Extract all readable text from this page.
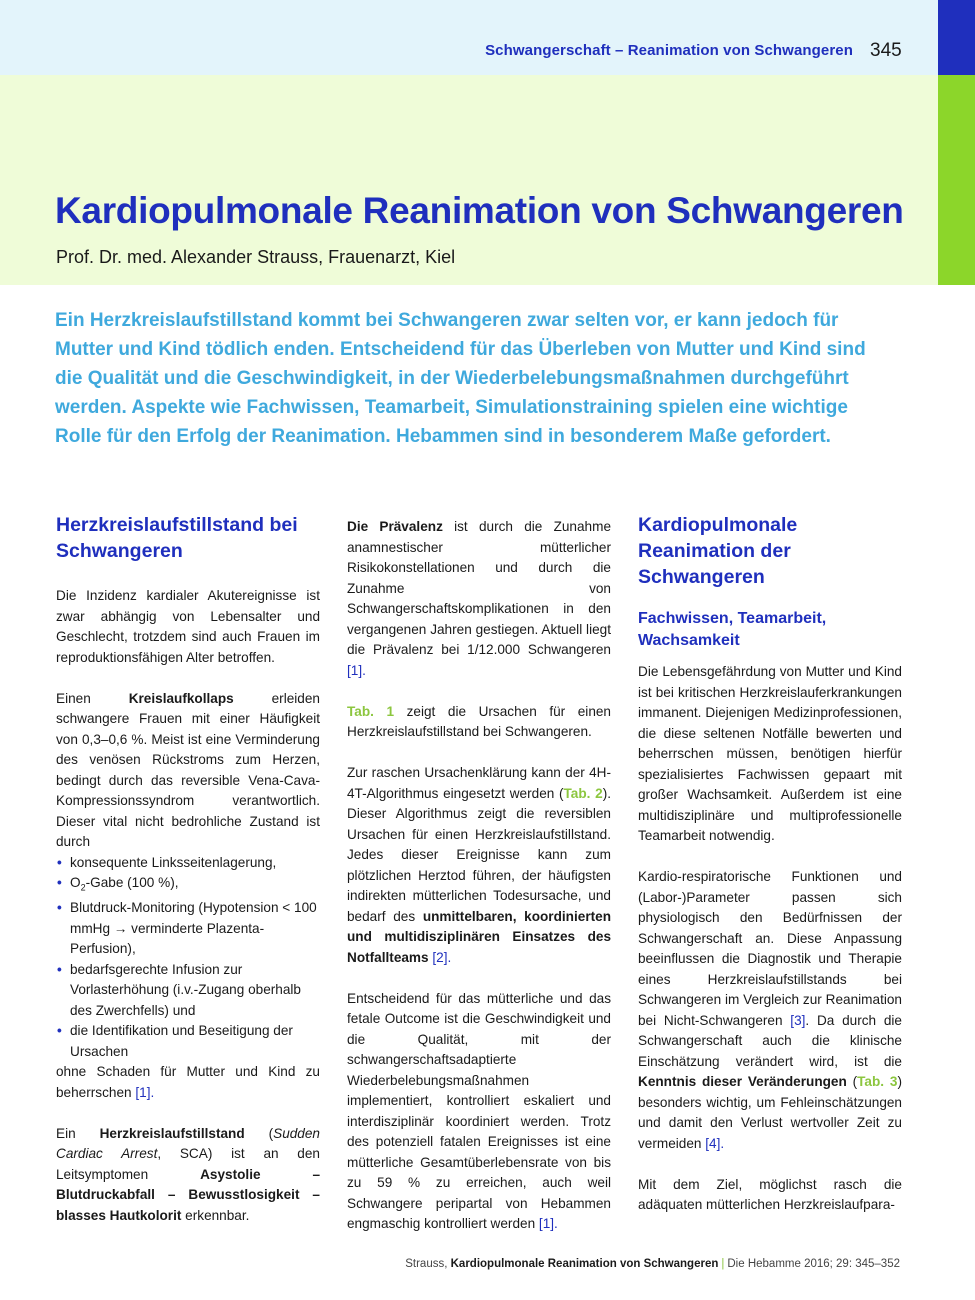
Schwangerschaft – Reanimation von Schwangeren 345
Kardiopulmonale Reanimation von Schwangeren
Prof. Dr. med. Alexander Strauss, Frauenarzt, Kiel

Ein Herzkreislaufstillstand kommt bei Schwangeren zwar selten vor, er kann jedoch für Mutter und Kind tödlich enden. Entscheidend für das Überleben von Mutter und Kind sind die Qualität und die Geschwindigkeit, in der Wiederbelebungsmaßnahmen durchgeführt werden. Aspekte wie Fachwissen, Teamarbeit, Simulationstraining spielen eine wichtige Rolle für den Erfolg der Reanimation. Hebammen sind in besonderem Maße gefordert.

Herzkreislaufstillstand bei Schwangeren

Die Inzidenz kardialer Akutereignisse ist zwar abhängig von Lebensalter und Geschlecht, trotzdem sind auch Frauen im reproduktionsfähigen Alter betroffen.

Einen Kreislaufkollaps erleiden schwangere Frauen mit einer Häufigkeit von 0,3–0,6 %. Meist ist eine Verminderung des venösen Rückstroms zum Herzen, bedingt durch das reversible Vena-Cava-Kompressionssyndrom verantwortlich. Dieser vital nicht bedrohliche Zustand ist durch

• konsequente Linksseitenlagerung,
• $O_2$-Gabe (100 %),
• Blutdruck-Monitoring (Hypotension < 100 mmHg → verminderte Plazenta-Perfusion),
• bedarfsgerechte Infusion zur Vorlasterhöhung (i.v.-Zugang oberhalb des Zwerchfells) und
• die Identifikation und Beseitigung der Ursachen

ohne Schaden für Mutter und Kind zu beherrschen [1].

Ein Herzkreislaufstillstand (Sudden Cardiac Arrest, SCA) ist an den Leitsymptomen Asystolie – Blutdruckabfall – Bewusstlosigkeit – blasses Hautkolorit erkennbar.

Die Prävalenz ist durch die Zunahme anamnestischer mütterlicher Risikokonstellationen und durch die Zunahme von Schwangerschaftskomplikationen in den vergangenen Jahren gestiegen. Aktuell liegt die Prävalenz bei 1/12.000 Schwangeren [1].

Tab. 1 zeigt die Ursachen für einen Herzkreislaufstillstand bei Schwangeren.

Zur raschen Ursachenklärung kann der 4H-4T-Algorithmus eingesetzt werden (Tab. 2). Dieser Algorithmus zeigt die reversiblen Ursachen für einen Herzkreislaufstillstand. Jedes dieser Ereignisse kann zum plötzlichen Herztod führen, der häufigsten indirekten mütterlichen Todesursache, und bedarf des unmittelbaren, koordinierten und multidisziplinären Einsatzes des Notfallteams [2].

Entscheidend für das mütterliche und das fetale Outcome ist die Geschwindigkeit und die Qualität, mit der schwangerschaftsadaptierte Wiederbelebungsmaßnahmen implementiert, kontrolliert eskaliert und interdisziplinär koordiniert werden. Trotz des potenziell fatalen Ereignisses ist eine mütterliche Gesamtüberlebensrate von bis zu 59 % zu erreichen, auch weil Schwangere peripartal von Hebammen engmaschig kontrolliert werden [1].

Kardiopulmonale Reanimation der Schwangeren
Fachwissen, Teamarbeit, Wachsamkeit

Die Lebensgefährdung von Mutter und Kind ist bei kritischen Herzkreislauferkrankungen immanent. Diejenigen Medizinprofessionen, die diese seltenen Notfälle bewerten und beherrschen müssen, benötigen hierfür spezialisiertes Fachwissen gepaart mit großer Wachsamkeit. Außerdem ist eine multidisziplinäre und multiprofessionelle Teamarbeit notwendig.

Kardio-respiratorische Funktionen und (Labor-)Parameter passen sich physiologisch den Bedürfnissen der Schwangerschaft an. Diese Anpassung beeinflussen die Diagnostik und Therapie eines Herzkreislaufstillstands bei Schwangeren im Vergleich zur Reanimation bei Nicht-Schwangeren [3]. Da durch die Schwangerschaft auch die klinische Einschätzung verändert wird, ist die Kenntnis dieser Veränderungen (Tab. 3) besonders wichtig, um Fehleinschätzungen und damit den Verlust wertvoller Zeit zu vermeiden [4].

Mit dem Ziel, möglichst rasch die adäquaten mütterlichen Herzkreislaufpara-

Strauss, Kardiopulmonale Reanimation von Schwangeren | Die Hebamme 2016; 29: 345–352
